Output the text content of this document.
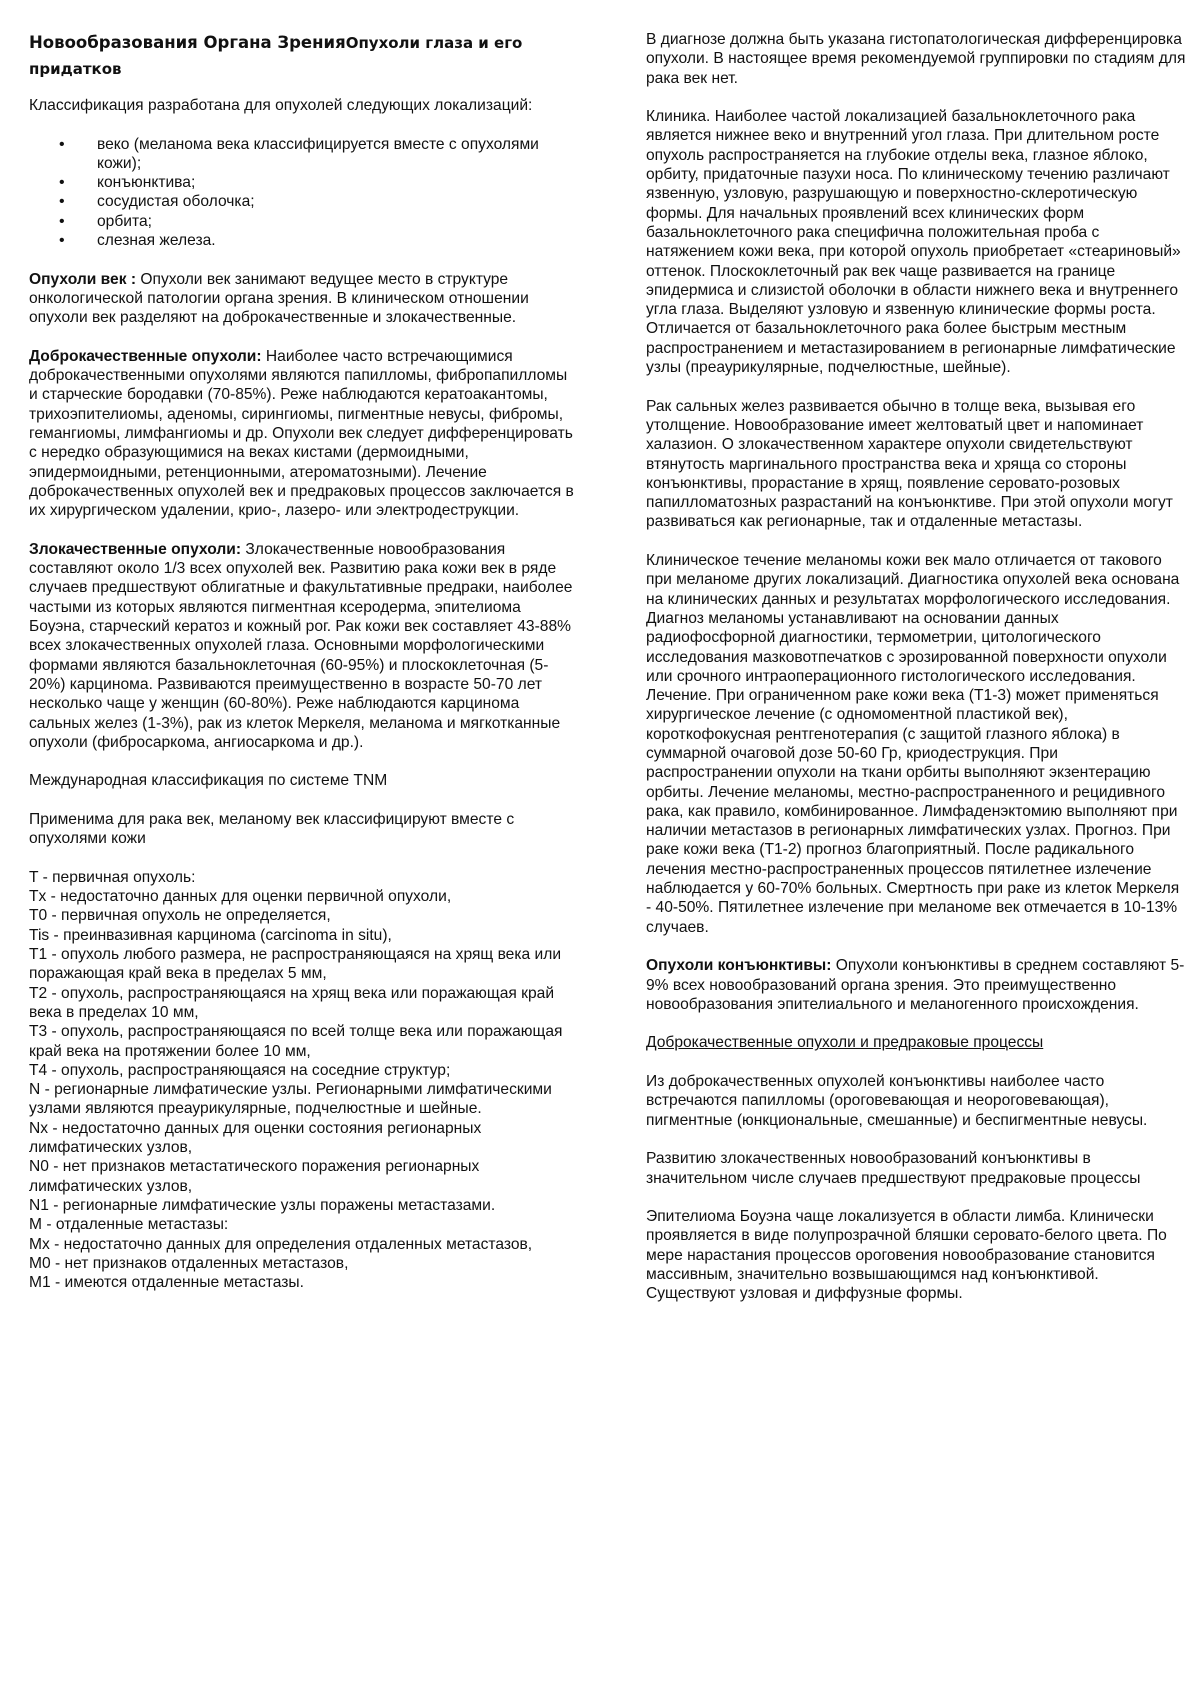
Новообразования Органа ЗренияОпухоли глаза и его придатков
Классификация разработана для опухолей следующих локализаций:
• веко (меланома века классифицируется вместе с опухолями кожи);
• конъюнктива;
• сосудистая оболочка;
• орбита;
• слезная железа.
Опухоли век : Опухоли век занимают ведущее место в структуре онкологической патологии органа зрения. В клиническом отношении опухоли век разделяют на доброкачественные и злокачественные.
Доброкачественные опухоли: Наиболее часто встречающимися доброкачественными опухолями являются папилломы, фибропапилломы и старческие бородавки (70-85%). Реже наблюдаются кератоакантомы, трихоэпителиомы, аденомы, сирингиомы, пигментные невусы, фибромы, гемангиомы, лимфангиомы и др. Опухоли век следует дифференцировать с нередко образующимися на веках кистами (дермоидными, эпидермоидными, ретенционными, атероматозными). Лечение доброкачественных опухолей век и предраковых процессов заключается в их хирургическом удалении, крио-, лазеро- или электродеструкции.
Злокачественные опухоли: Злокачественные новообразования составляют около 1/3 всех опухолей век. Развитию рака кожи век в ряде случаев предшествуют облигатные и факультативные предраки, наиболее частыми из которых являются пигментная ксеродерма, эпителиома Боуэна, старческий кератоз и кожный рог. Рак кожи век составляет 43-88% всех злокачественных опухолей глаза. Основными морфологическими формами являются базальноклеточная (60-95%) и плоскоклеточная (5-20%) карцинома. Развиваются преимущественно в возрасте 50-70 лет несколько чаще у женщин (60-80%). Реже наблюдаются карцинома сальных желез (1-3%), рак из клеток Меркеля, меланома и мягкотканные опухоли (фибросаркома, ангиосаркома и др.).
Международная классификация по системе TNM
Применима для рака век, меланому век классифицируют вместе с опухолями кожи
T - первичная опухоль:
Tx - недостаточно данных для оценки первичной опухоли,
T0 - первичная опухоль не определяется,
Tis - преинвазивная карцинома (carcinoma in situ),
T1 - опухоль любого размера, не распространяющаяся на хрящ века или поражающая край века в пределах 5 мм,
T2 - опухоль, распространяющаяся на хрящ века или поражающая край века в пределах 10 мм,
T3 - опухоль, распространяющаяся по всей толще века или поражающая край века на протяжении более 10 мм,
T4 - опухоль, распространяющаяся на соседние структур;
N - регионарные лимфатические узлы. Регионарными лимфатическими узлами являются преаурикулярные, подчелюстные и шейные.
Nx - недостаточно данных для оценки состояния регионарных лимфатических узлов,
N0 - нет признаков метастатического поражения регионарных лимфатических узлов,
N1 - регионарные лимфатические узлы поражены метастазами.
M - отдаленные метастазы:
Mx - недостаточно данных для определения отдаленных метастазов,
M0 - нет признаков отдаленных метастазов,
M1 - имеются отдаленные метастазы.
В диагнозе должна быть указана гистопатологическая дифференцировка опухоли. В настоящее время рекомендуемой группировки по стадиям для рака век нет.
Клиника. Наиболее частой локализацией базальноклеточного рака является нижнее веко и внутренний угол глаза. При длительном росте опухоль распространяется на глубокие отделы века, глазное яблоко, орбиту, придаточные пазухи носа. По клиническому течению различают язвенную, узловую, разрушающую и поверхностно-склеротическую формы. Для начальных проявлений всех клинических форм базальноклеточного рака специфична положительная проба с натяжением кожи века, при которой опухоль приобретает «стеариновый» оттенок. Плоскоклеточный рак век чаще развивается на границе эпидермиса и слизистой оболочки в области нижнего века и внутреннего угла глаза. Выделяют узловую и язвенную клинические формы роста. Отличается от базальноклеточного рака более быстрым местным распространением и метастазированием в регионарные лимфатические узлы (преаурикулярные, подчелюстные, шейные).
Рак сальных желез развивается обычно в толще века, вызывая его утолщение. Новообразование имеет желтоватый цвет и напоминает халазион. О злокачественном характере опухоли свидетельствуют втянутость маргинального пространства века и хряща со стороны конъюнктивы, прорастание в хрящ, появление серовато-розовых папилломатозных разрастаний на конъюнктиве. При этой опухоли могут развиваться как регионарные, так и отдаленные метастазы.
Клиническое течение меланомы кожи век мало отличается от такового при меланоме других локализаций. Диагностика опухолей века основана на клинических данных и результатах морфологического исследования. Диагноз меланомы устанавливают на основании данных радиофосфорной диагностики, термометрии, цитологического исследования мазковотпечатков с эрозированной поверхности опухоли или срочного интраоперационного гистологического исследования. Лечение. При ограниченном раке кожи века (T1-3) может применяться хирургическое лечение (с одномоментной пластикой век), короткофокусная рентгенотерапия (с защитой глазного яблока) в суммарной очаговой дозе 50-60 Гр, криодеструкция. При распространении опухоли на ткани орбиты выполняют экзентерацию орбиты. Лечение меланомы, местно-распространенного и рецидивного рака, как правило, комбинированное. Лимфаденэктомию выполняют при наличии метастазов в регионарных лимфатических узлах. Прогноз. При раке кожи века (T1-2) прогноз благоприятный. После радикального лечения местно-распространенных процессов пятилетнее излечение наблюдается у 60-70% больных. Смертность при раке из клеток Меркеля - 40-50%. Пятилетнее излечение при меланоме век отмечается в 10-13% случаев.
Опухоли конъюнктивы: Опухоли конъюнктивы в среднем составляют 5-9% всех новообразований органа зрения. Это преимущественно новообразования эпителиального и меланогенного происхождения.
Доброкачественные опухоли и предраковые процессы
Из доброкачественных опухолей конъюнктивы наиболее часто встречаются папилломы (ороговевающая и неороговевающая), пигментные (юнкциональные, смешанные) и беспигментные невусы.
Развитию злокачественных новообразований конъюнктивы в значительном числе случаев предшествуют предраковые процессы
Эпителиома Боуэна чаще локализуется в области лимба. Клинически проявляется в виде полупрозрачной бляшки серовато-белого цвета. По мере нарастания процессов ороговения новообразование становится массивным, значительно возвышающимся над конъюнктивой. Существуют узловая и диффузные формы.
